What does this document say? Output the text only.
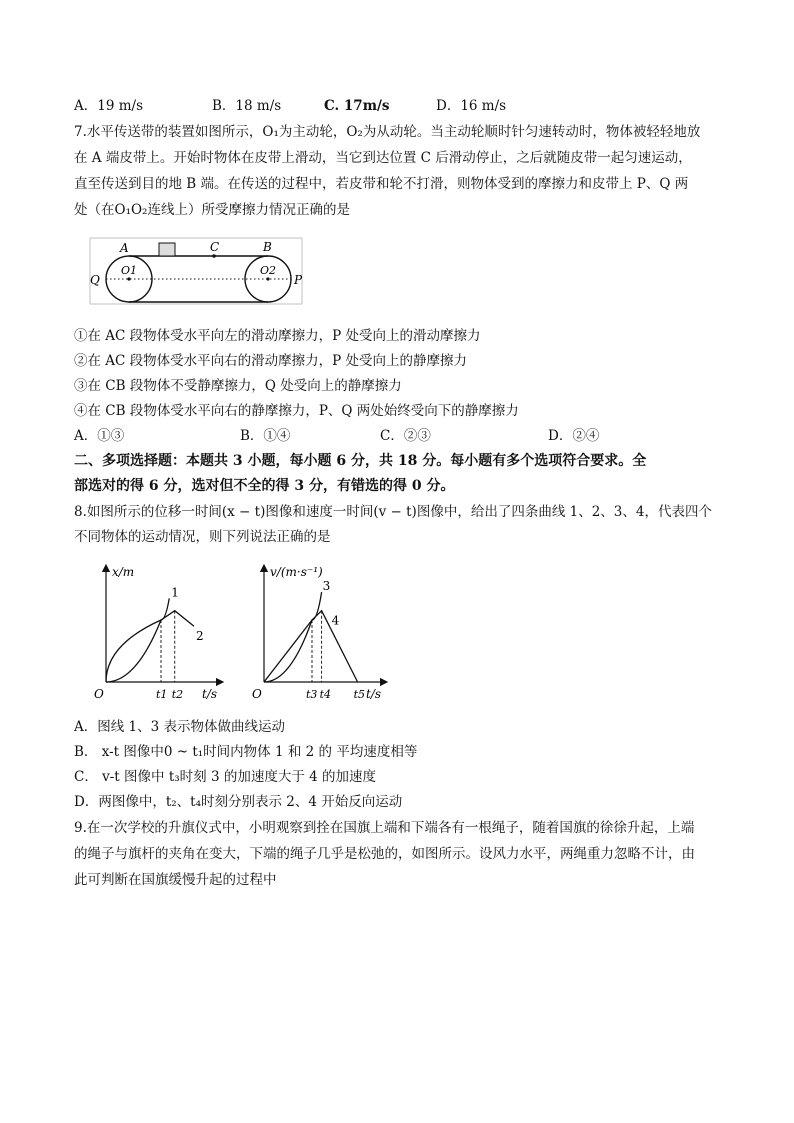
A．19 m/s	B．18 m/s	C. 17m/s	D．16 m/s
7.水平传送带的装置如图所示，O₁为主动轮，O₂为从动轮。当主动轮顺时针匀速转动时，物体被轻轻地放
在 A 端皮带上。开始时物体在皮带上滑动，当它到达位置 C 后滑动停止，之后就随皮带一起匀速运动，
直至传送到目的地 B 端。在传送的过程中，若皮带和轮不打滑，则物体受到的摩擦力和皮带上 P、Q 两
处（在O₁O₂连线上）所受摩擦力情况正确的是
A	C	B
O1	O2
Q	P
①在 AC 段物体受水平向左的滑动摩擦力，P 处受向上的滑动摩擦力
②在 AC 段物体受水平向右的滑动摩擦力，P 处受向上的静摩擦力
③在 CB 段物体不受静摩擦力，Q 处受向上的静摩擦力
④在 CB 段物体受水平向右的静摩擦力，P、Q 两处始终受向下的静摩擦力
A．①③	B．①④	C．②③	D．②④
二、多项选择题：本题共 3 小题，每小题 6 分，共 18 分。每小题有多个选项符合要求。全
部选对的得 6 分，选对但不全的得 3 分，有错选的得 0 分。
8.如图所示的位移一时间(x − t)图像和速度一时间(v − t)图像中，给出了四条曲线 1、2、3、4，代表四个
不同物体的运动情况，则下列说法正确的是
x/m
t/s
O	t1 t2
1
2
v/(m·s⁻¹)
t/s
O	t3 t4 t5
3
4
A．图线 1、3 表示物体做曲线运动
B． x-t 图像中0 ~ t₁时间内物体 1 和 2 的 平均速度相等
C． v-t 图像中 t₃时刻 3 的加速度大于 4 的加速度
D．两图像中，t₂、t₄时刻分别表示 2、4 开始反向运动
9.在一次学校的升旗仪式中，小明观察到拴在国旗上端和下端各有一根绳子，随着国旗的徐徐升起，上端
的绳子与旗杆的夹角在变大，下端的绳子几乎是松弛的，如图所示。设风力水平，两绳重力忽略不计，由
此可判断在国旗缓慢升起的过程中
